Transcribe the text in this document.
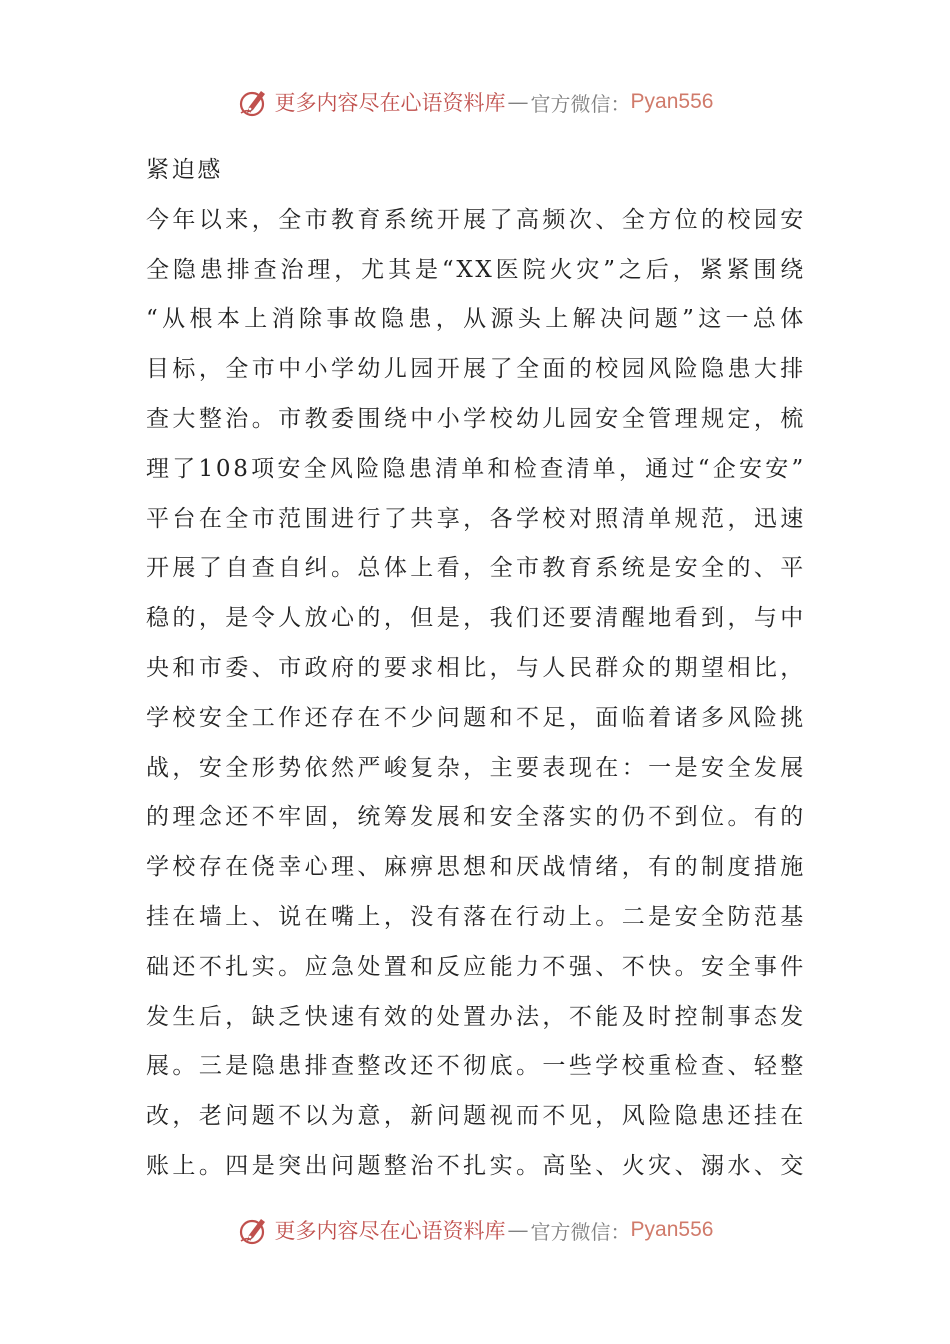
更多内容尽在心语资料库 — 官方微信： Pyan556
紧迫感
今年以来，全市教育系统开展了高频次、全方位的校园安
全隐患排查治理，尤其是“XX医院火灾”之后，紧紧围绕
“从根本上消除事故隐患，从源头上解决问题”这一总体
目标，全市中小学幼儿园开展了全面的校园风险隐患大排
查大整治。市教委围绕中小学校幼儿园安全管理规定，梳
理了108项安全风险隐患清单和检查清单，通过“企安安”
平台在全市范围进行了共享，各学校对照清单规范，迅速
开展了自查自纠。总体上看，全市教育系统是安全的、平
稳的，是令人放心的，但是，我们还要清醒地看到，与中
央和市委、市政府的要求相比，与人民群众的期望相比，
学校安全工作还存在不少问题和不足，面临着诸多风险挑
战，安全形势依然严峻复杂，主要表现在：一是安全发展
的理念还不牢固，统筹发展和安全落实的仍不到位。有的
学校存在侥幸心理、麻痹思想和厌战情绪，有的制度措施
挂在墙上、说在嘴上，没有落在行动上。二是安全防范基
础还不扎实。应急处置和反应能力不强、不快。安全事件
发生后，缺乏快速有效的处置办法，不能及时控制事态发
展。三是隐患排查整改还不彻底。一些学校重检查、轻整
改，老问题不以为意，新问题视而不见，风险隐患还挂在
账上。四是突出问题整治不扎实。高坠、火灾、溺水、交
更多内容尽在心语资料库 — 官方微信： Pyan556
